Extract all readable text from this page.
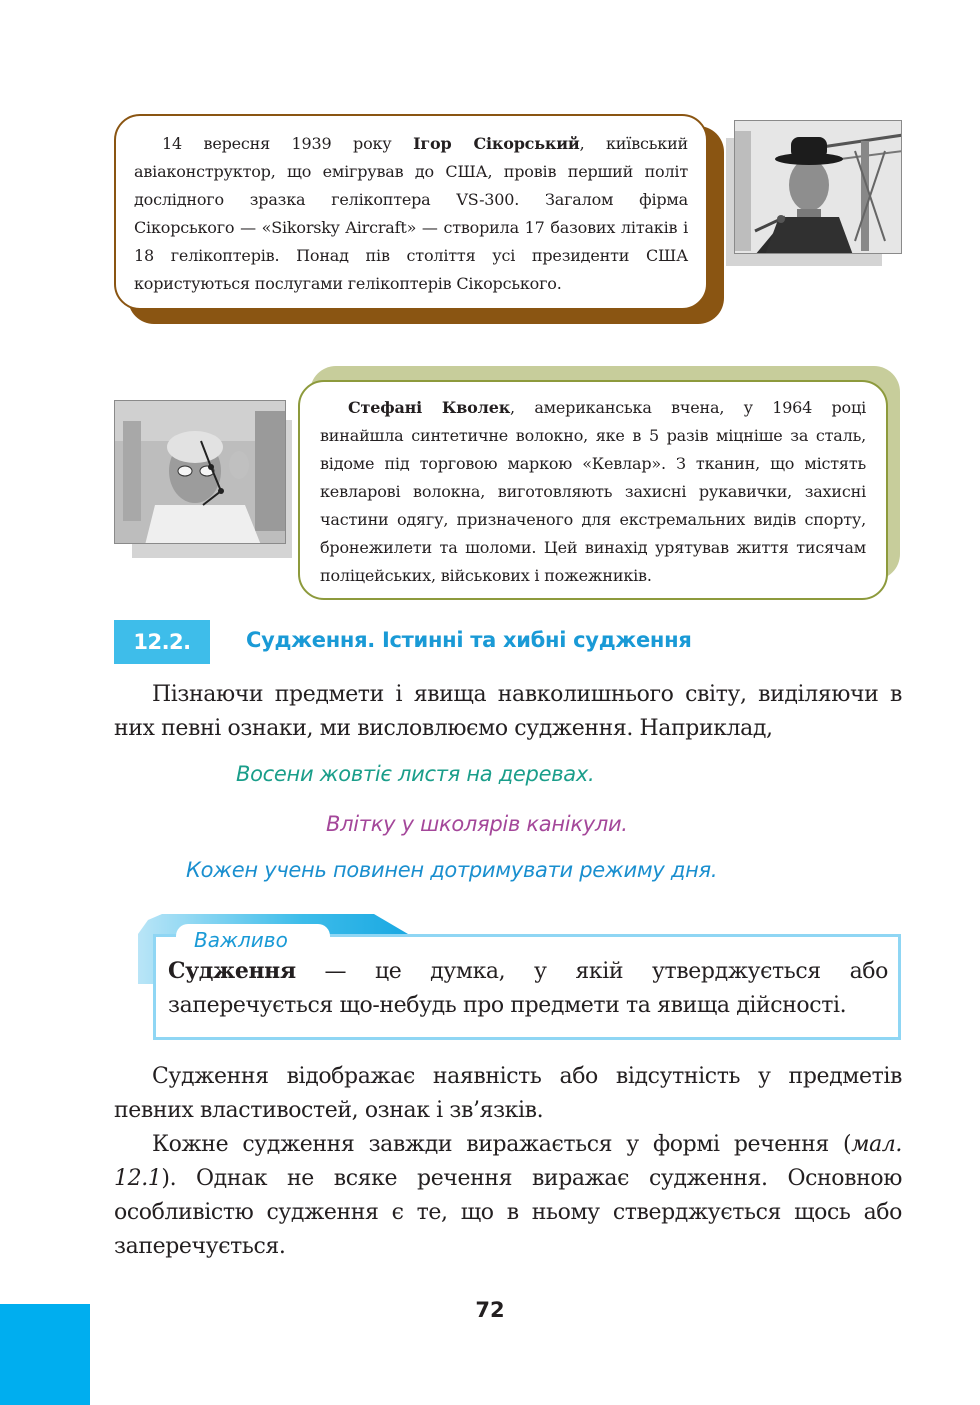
14 вересня 1939 року Ігор Сікорський, київський авіаконструктор, що емігрував до США, провів перший політ дослідного зразка гелікоптера VS-300. Загалом фірма Сікорського — «Sikorsky Aircraft» — створила 17 базових літаків і 18 гелікоптерів. Понад пів століття усі президенти США користуються послугами гелікоптерів Сікорського.
Стефані Кволек, американська вчена, у 1964 році винайшла синтетичне волокно, яке в 5 разів міцніше за сталь, відоме під торговою маркою «Кевлар». З тканин, що містять кевларові волокна, виготовляють захисні рукавички, захисні частини одягу, призначеного для екстремальних видів спорту, бронежилети та шоломи. Цей винахід урятував життя тисячам поліцейських, військових і пожежників.
12.2.	Судження. Істинні та хибні судження
Пізнаючи предмети і явища навколишнього світу, виділяючи в них певні ознаки, ми висловлюємо судження. Наприклад,
Восени жовтіє листя на деревах.
Влітку у школярів канікули.
Кожен учень повинен дотримувати режиму дня.
Важливо
Судження — це думка, у якій утверджується або заперечується що-небудь про предмети та явища дійсності.
Судження відображає наявність або відсутність у предметів певних властивостей, ознак і зв’язків.
Кожне судження завжди виражається у формі речення (мал. 12.1). Однак не всяке речення виражає судження. Основною особливістю судження є те, що в ньому стверджується щось або заперечується.
72
